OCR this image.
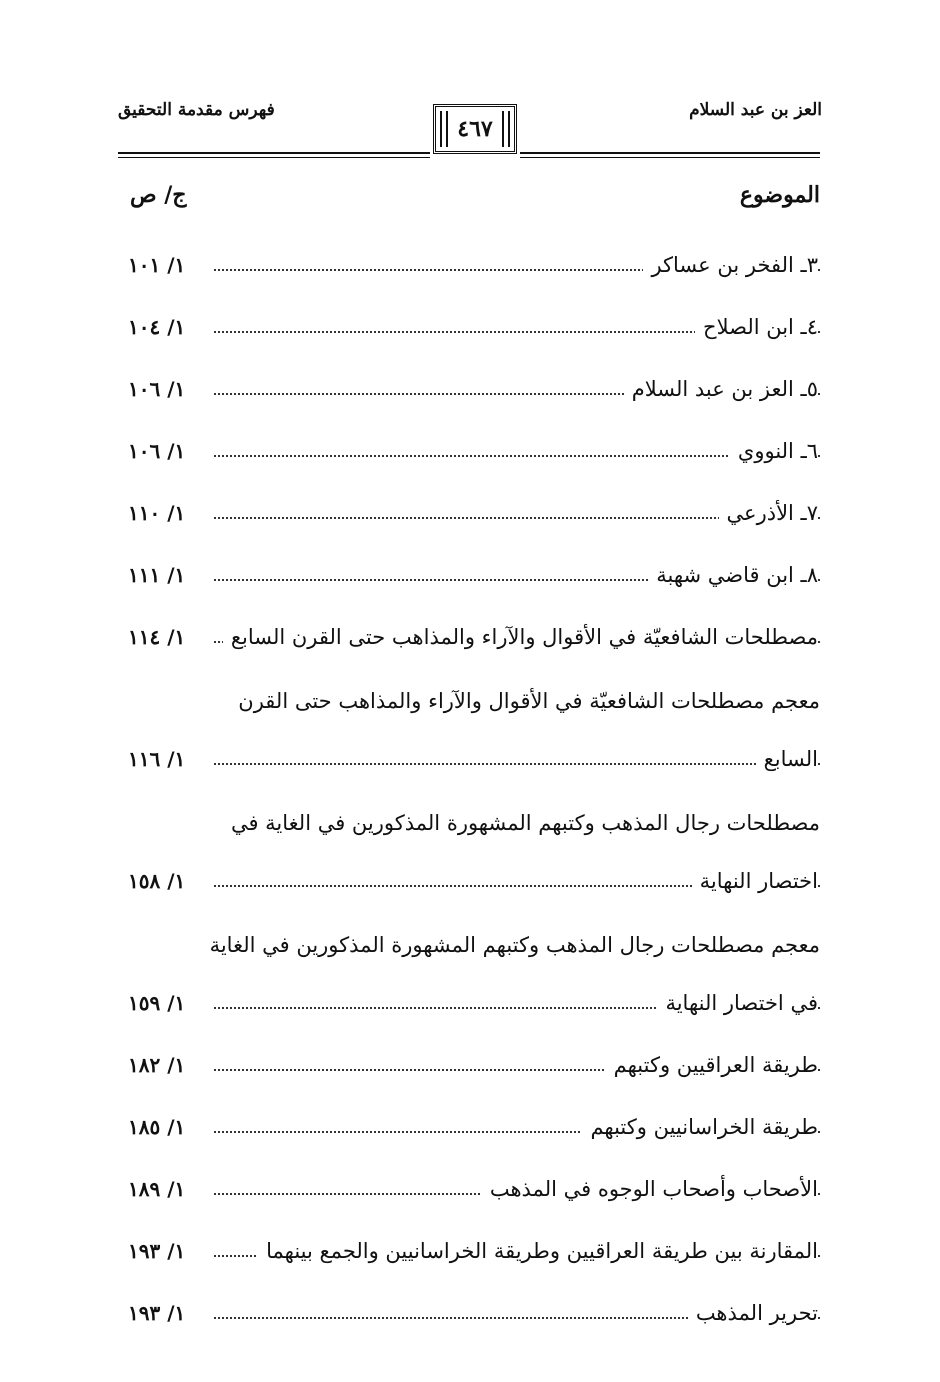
العز بن عبد السلام
فهرس مقدمة التحقيق
٤٦٧
الموضوع
ج/ ص
٣ـ الفخر بن عساكر
١/ ١٠١
٤ـ ابن الصلاح
١/ ١٠٤
٥ـ العز بن عبد السلام
١/ ١٠٦
٦ـ النووي
١/ ١٠٦
٧ـ الأذرعي
١/ ١١٠
٨ـ ابن قاضي شهبة
١/ ١١١
مصطلحات الشافعيّة في الأقوال والآراء والمذاهب حتى القرن السابع
١/ ١١٤
معجم مصطلحات الشافعيّة في الأقوال والآراء والمذاهب حتى القرن
السابع
١/ ١١٦
مصطلحات رجال المذهب وكتبهم المشهورة المذكورين في الغاية في
اختصار النهاية
١/ ١٥٨
معجم مصطلحات رجال المذهب وكتبهم المشهورة المذكورين في الغاية
في اختصار النهاية
١/ ١٥٩
طريقة العراقيين وكتبهم
١/ ١٨٢
طريقة الخراسانيين وكتبهم
١/ ١٨٥
الأصحاب وأصحاب الوجوه في المذهب
١/ ١٨٩
المقارنة بين طريقة العراقيين وطريقة الخراسانيين والجمع بينهما
١/ ١٩٣
تحرير المذهب
١/ ١٩٣
